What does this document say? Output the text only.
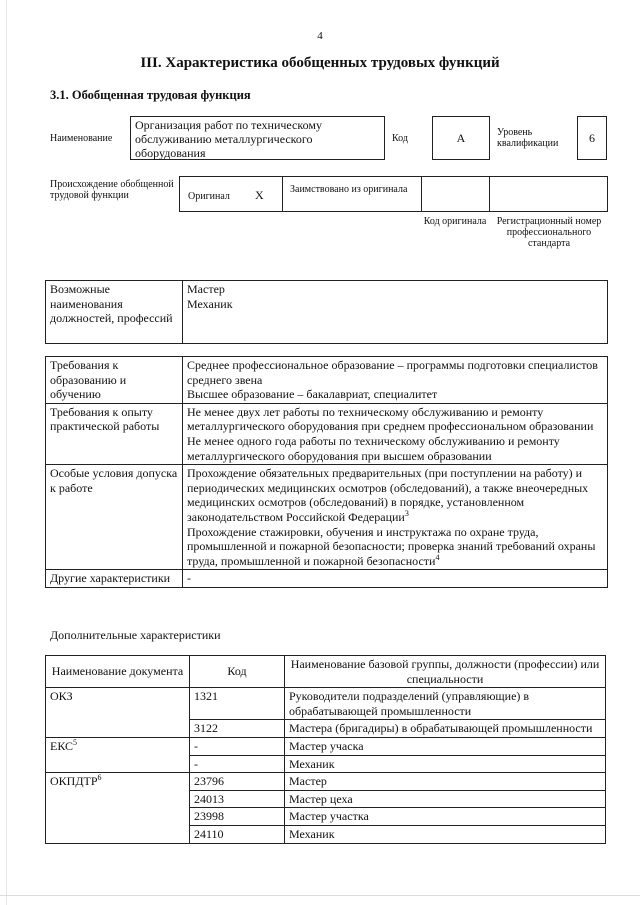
4
III. Характеристика обобщенных трудовых функций
3.1. Обобщенная трудовая функция
Наименование
Организация работ по техническому обслуживанию металлургического оборудования
Код	А	Уровень квалификации	6
Происхождение обобщенной трудовой функции	Оригинал X	Заимствовано из оригинала
Код оригинала Регистрационный номер профессионального стандарта
Возможные наименования должностей, профессий	
Мастер
Механик
Требования к образованию и обучению	Среднее профессиональное образование – программы подготовки специалистов среднего звена
Высшее образование – бакалавриат, специалитет

Требования к опыту практической работы	Не менее двух лет работы по техническому обслуживанию и ремонту металлургического оборудования при среднем профессиональном образовании
Не менее одного года работы по техническому обслуживанию и ремонту металлургического оборудования при высшем образовании

Особые условия допуска к работе	Прохождение обязательных предварительных (при поступлении на работу) и периодических медицинских осмотров (обследований), а также внеочередных медицинских осмотров (обследований) в порядке, установленном законодательством Российской Федерации$^3$
Прохождение стажировки, обучения и инструктажа по охране труда, промышленной и пожарной безопасности; проверка знаний требований охраны труда, промышленной и пожарной безопасности$^4$

Другие характеристики	-
Дополнительные характеристики
Наименование документа	Код	Наименование базовой группы, должности (профессии) или специальности
ОКЗ	1321	Руководители подразделений (управляющие) в обрабатывающей промышленности
	3122	Мастера (бригадиры) в обрабатывающей промышленности
ЕКС$^5$	-	Мастер учаска
	-	Механик
ОКПДТР$^6$	23796	Мастер
	24013	Мастер цеха
	23998	Мастер участка
	24110	Механик
